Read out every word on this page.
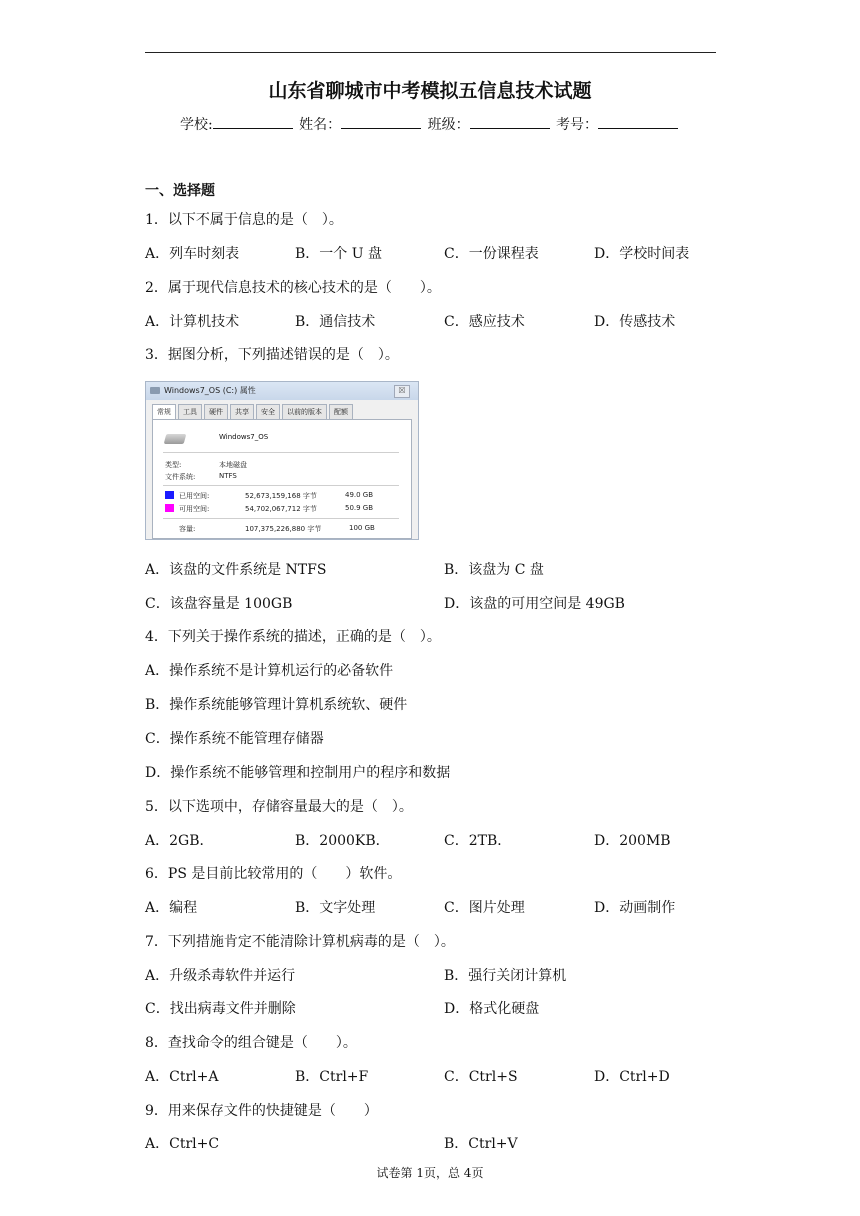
山东省聊城市中考模拟五信息技术试题
学校:	姓名：	班级：	考号：
一、选择题
1．以下不属于信息的是（　）。
A．列车时刻表	B．一个 U 盘	C．一份课程表	D．学校时间表
2．属于现代信息技术的核心技术的是（　　）。
A．计算机技术	B．通信技术	C．感应技术	D．传感技术
3．据图分析，下列描述错误的是（　）。
Windows7_OS (C:) 属性	☒
常规	工具	硬件	共享	安全	以前的版本	配额
Windows7_OS
类型:	本地磁盘
文件系统:	NTFS
已用空间:	52,673,159,168 字节	49.0 GB
可用空间:	54,702,067,712 字节	50.9 GB
容量:	107,375,226,880 字节	100 GB
A．该盘的文件系统是 NTFS	B．该盘为 C 盘
C．该盘容量是 100GB	D．该盘的可用空间是 49GB
4．下列关于操作系统的描述，正确的是（　）。
A．操作系统不是计算机运行的必备软件
B．操作系统能够管理计算机系统软、硬件
C．操作系统不能管理存储器
D．操作系统不能够管理和控制用户的程序和数据
5．以下选项中，存储容量最大的是（　）。
A．2GB．	B．2000KB．	C．2TB．	D．200MB
6．PS 是目前比较常用的（　　）软件。
A．编程	B．文字处理	C．图片处理	D．动画制作
7．下列措施肯定不能清除计算机病毒的是（　）。
A．升级杀毒软件并运行	B．强行关闭计算机
C．找出病毒文件并删除	D．格式化硬盘
8．查找命令的组合键是（　　）。
A．Ctrl+A	B．Ctrl+F	C．Ctrl+S	D．Ctrl+D
9．用来保存文件的快捷键是（　　）
A．Ctrl+C	B．Ctrl+V
试卷第 1页，总 4页
